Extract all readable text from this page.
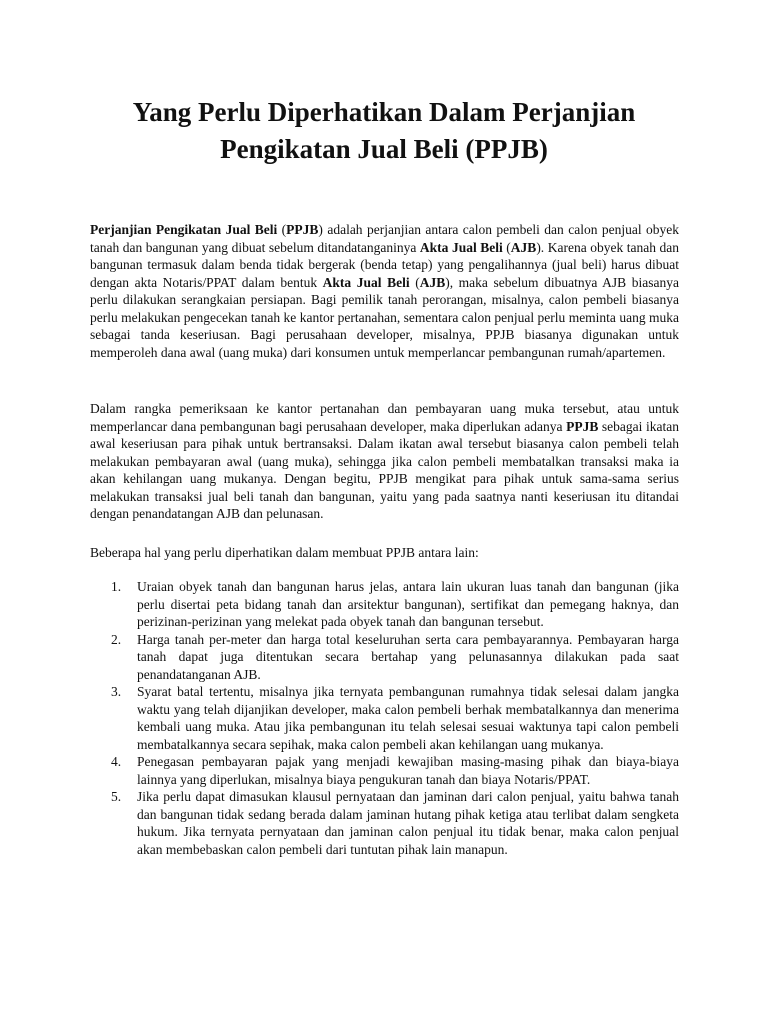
Yang Perlu Diperhatikan Dalam Perjanjian
Pengikatan Jual Beli (PPJB)

Perjanjian Pengikatan Jual Beli (PPJB) adalah perjanjian antara calon pembeli dan calon penjual obyek tanah dan bangunan yang dibuat sebelum ditandatanganinya Akta Jual Beli (AJB). Karena obyek tanah dan bangunan termasuk dalam benda tidak bergerak (benda tetap) yang pengalihannya (jual beli) harus dibuat dengan akta Notaris/PPAT dalam bentuk Akta Jual Beli (AJB), maka sebelum dibuatnya AJB biasanya perlu dilakukan serangkaian persiapan. Bagi pemilik tanah perorangan, misalnya, calon pembeli biasanya perlu melakukan pengecekan tanah ke kantor pertanahan, sementara calon penjual perlu meminta uang muka sebagai tanda keseriusan. Bagi perusahaan developer, misalnya, PPJB biasanya digunakan untuk memperoleh dana awal (uang muka) dari konsumen untuk memperlancar pembangunan rumah/apartemen.

Dalam rangka pemeriksaan ke kantor pertanahan dan pembayaran uang muka tersebut, atau untuk memperlancar dana pembangunan bagi perusahaan developer, maka diperlukan adanya PPJB sebagai ikatan awal keseriusan para pihak untuk bertransaksi. Dalam ikatan awal tersebut biasanya calon pembeli telah melakukan pembayaran awal (uang muka), sehingga jika calon pembeli membatalkan transaksi maka ia akan kehilangan uang mukanya. Dengan begitu, PPJB mengikat para pihak untuk sama-sama serius melakukan transaksi jual beli tanah dan bangunan, yaitu yang pada saatnya nanti keseriusan itu ditandai dengan penandatangan AJB dan pelunasan.

Beberapa hal yang perlu diperhatikan dalam membuat PPJB antara lain:

1. Uraian obyek tanah dan bangunan harus jelas, antara lain ukuran luas tanah dan bangunan (jika perlu disertai peta bidang tanah dan arsitektur bangunan), sertifikat dan pemegang haknya, dan perizinan-perizinan yang melekat pada obyek tanah dan bangunan tersebut.
2. Harga tanah per-meter dan harga total keseluruhan serta cara pembayarannya. Pembayaran harga tanah dapat juga ditentukan secara bertahap yang pelunasannya dilakukan pada saat penandatanganan AJB.
3. Syarat batal tertentu, misalnya jika ternyata pembangunan rumahnya tidak selesai dalam jangka waktu yang telah dijanjikan developer, maka calon pembeli berhak membatalkannya dan menerima kembali uang muka. Atau jika pembangunan itu telah selesai sesuai waktunya tapi calon pembeli membatalkannya secara sepihak, maka calon pembeli akan kehilangan uang mukanya.
4. Penegasan pembayaran pajak yang menjadi kewajiban masing-masing pihak dan biaya-biaya lainnya yang diperlukan, misalnya biaya pengukuran tanah dan biaya Notaris/PPAT.
5. Jika perlu dapat dimasukan klausul pernyataan dan jaminan dari calon penjual, yaitu bahwa tanah dan bangunan tidak sedang berada dalam jaminan hutang pihak ketiga atau terlibat dalam sengketa hukum. Jika ternyata pernyataan dan jaminan calon penjual itu tidak benar, maka calon penjual akan membebaskan calon pembeli dari tuntutan pihak lain manapun.
